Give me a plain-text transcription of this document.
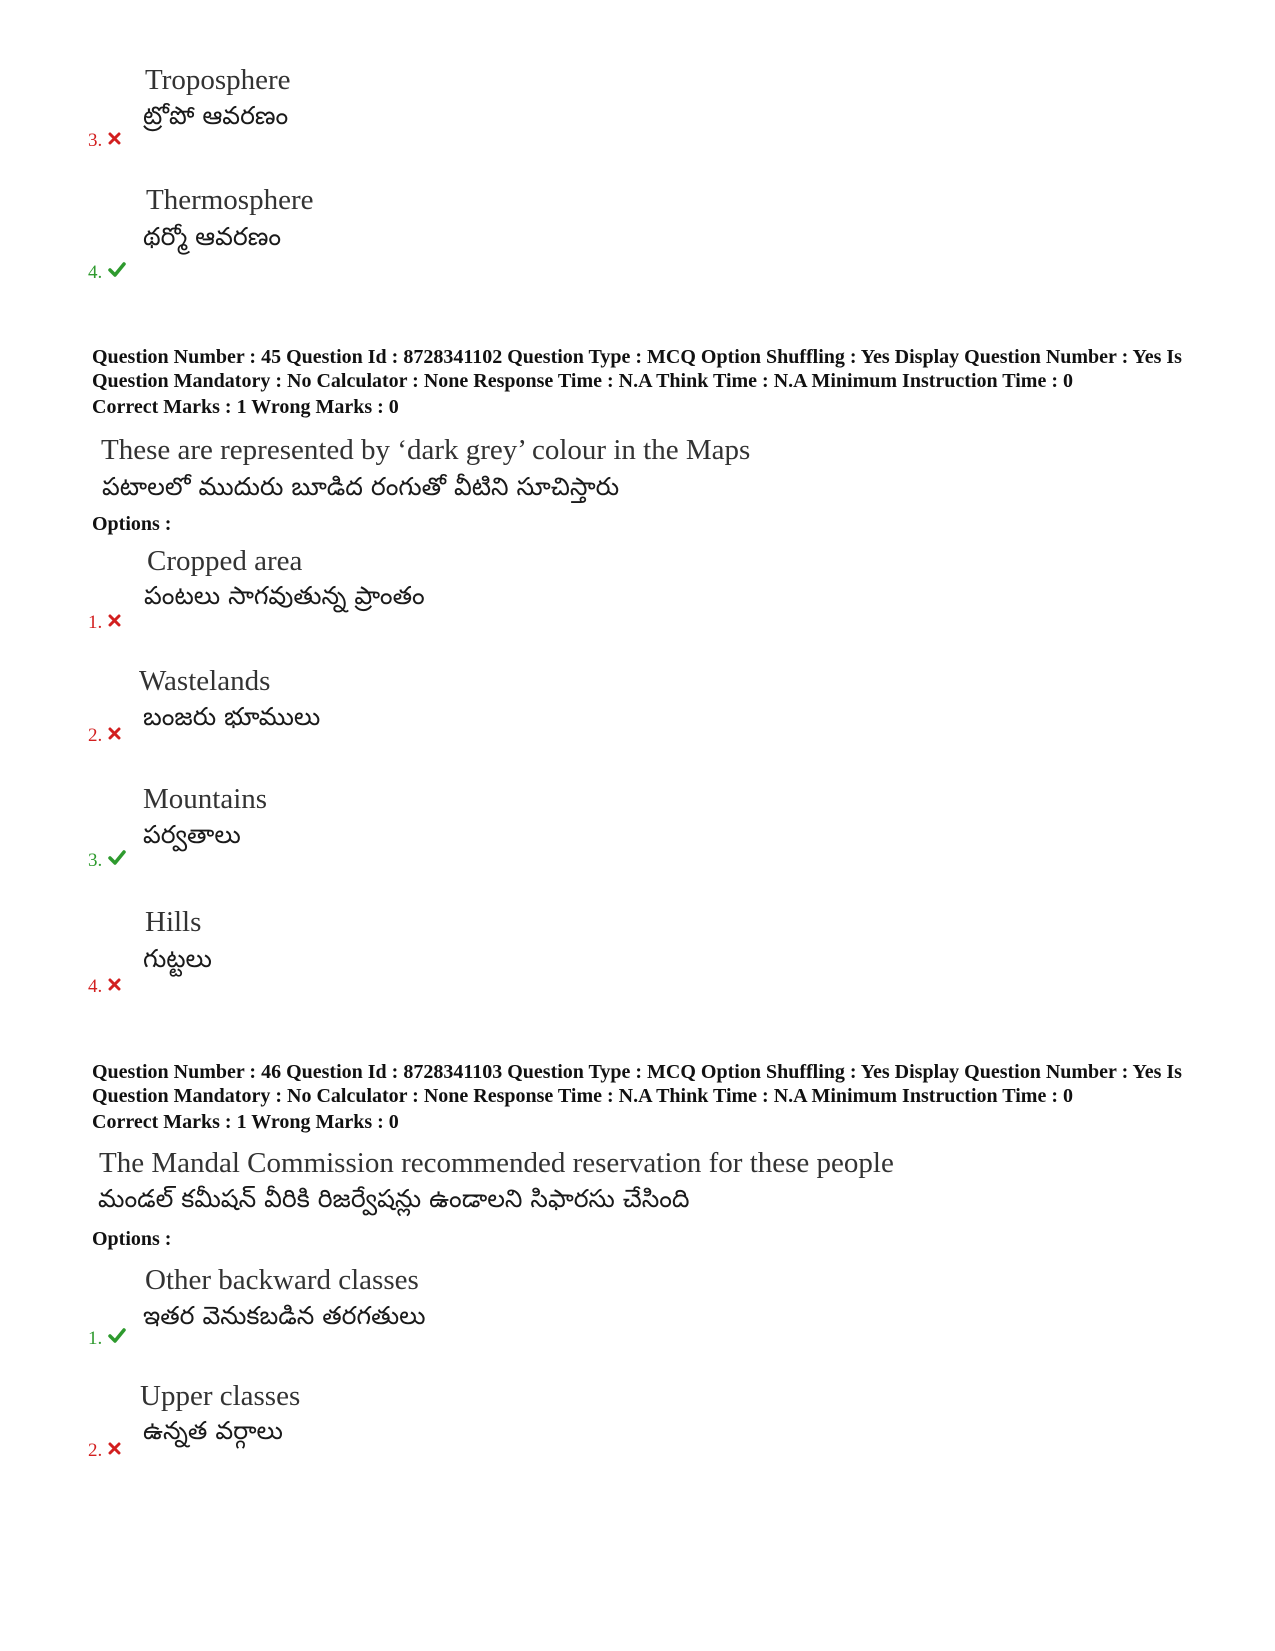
Troposphere
ట్రోపో ఆవరణం
3.
Thermosphere
థర్మో ఆవరణం
4.
Question Number : 45 Question Id : 8728341102 Question Type : MCQ Option Shuffling : Yes Display Question Number : Yes Is Question Mandatory : No Calculator : None Response Time : N.A Think Time : N.A Minimum Instruction Time : 0
Correct Marks : 1 Wrong Marks : 0
These are represented by ‘dark grey’ colour in the Maps
పటాలలో ముదురు బూడిద రంగుతో వీటిని సూచిస్తారు
Options :
Cropped area
పంటలు సాగవుతున్న ప్రాంతం
1.
Wastelands
బంజరు భూములు
2.
Mountains
పర్వతాలు
3.
Hills
గుట్టలు
4.
Question Number : 46 Question Id : 8728341103 Question Type : MCQ Option Shuffling : Yes Display Question Number : Yes Is Question Mandatory : No Calculator : None Response Time : N.A Think Time : N.A Minimum Instruction Time : 0
Correct Marks : 1 Wrong Marks : 0
The Mandal Commission recommended reservation for these people
మండల్ కమీషన్ వీరికి రిజర్వేషన్లు ఉండాలని సిఫారసు చేసింది
Options :
Other backward classes
ఇతర వెనుకబడిన తరగతులు
1.
Upper classes
ఉన్నత వర్గాలు
2.
